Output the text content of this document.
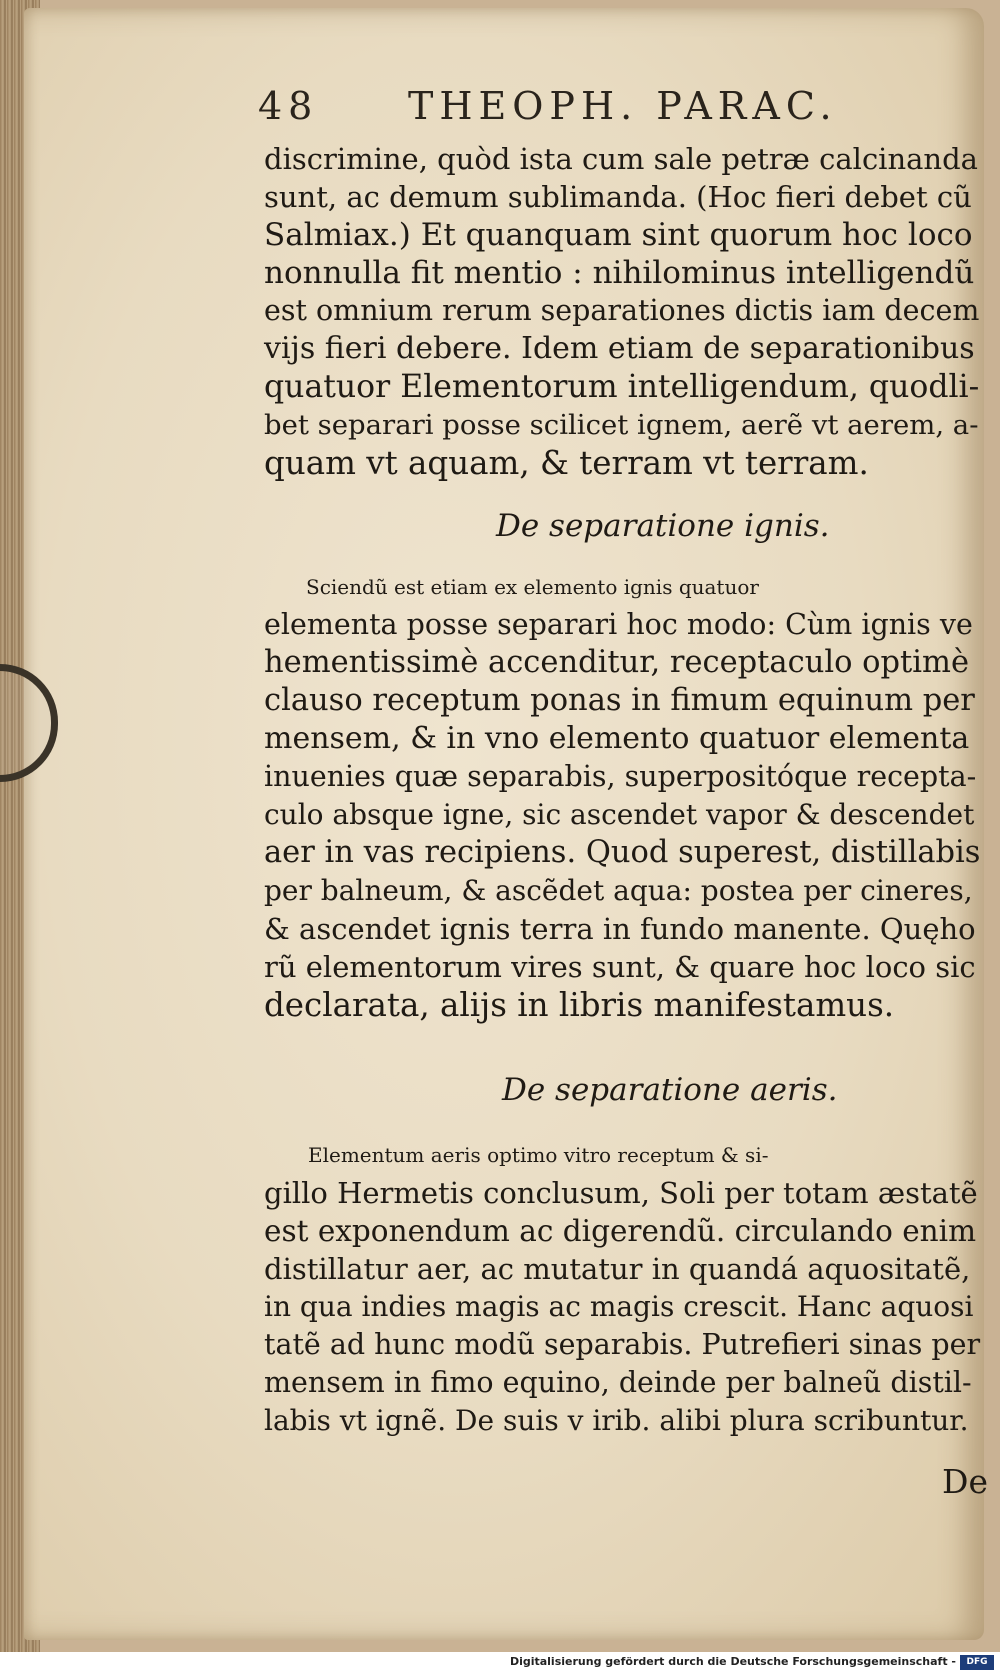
48 THEOPH. PARAC.
discrimine, quòd ista cum sale petræ calcinanda
sunt, ac demum sublimanda. (Hoc fieri debet cũ
Salmiax.) Et quanquam sint quorum hoc loco
nonnulla fit mentio : nihilominus intelligendũ
est omnium rerum separationes dictis iam decem
vijs fieri debere. Idem etiam de separationibus
quatuor Elementorum intelligendum, quodli-
bet separari posse scilicet ignem, aerẽ vt aerem, a-
quam vt aquam, & terram vt terram.
De separatione ignis.
Sciendũ est etiam ex elemento ignis quatuor
elementa posse separari hoc modo: Cùm ignis ve
hementissimè accenditur, receptaculo optimè
clauso receptum ponas in fimum equinum per
mensem, & in vno elemento quatuor elementa
inuenies quæ separabis, superpositóque recepta-
culo absque igne, sic ascendet vapor & descendet
aer in vas recipiens. Quod superest, distillabis
per balneum, & ascẽdet aqua: postea per cineres,
& ascendet ignis terra in fundo manente. Quęho
rũ elementorum vires sunt, & quare hoc loco sic
declarata, alijs in libris manifestamus.
De separatione aeris.
Elementum aeris optimo vitro receptum & si-
gillo Hermetis conclusum, Soli per totam æstatẽ
est exponendum ac digerendũ. circulando enim
distillatur aer, ac mutatur in quandá aquositatẽ,
in qua indies magis ac magis crescit. Hanc aquosi
tatẽ ad hunc modũ separabis. Putrefieri sinas per
mensem in fimo equino, deinde per balneũ distil-
labis vt ignẽ. De suis v irib. alibi plura scribuntur.
De
Digitalisierung gefördert durch die Deutsche Forschungsgemeinschaft -	DFG
